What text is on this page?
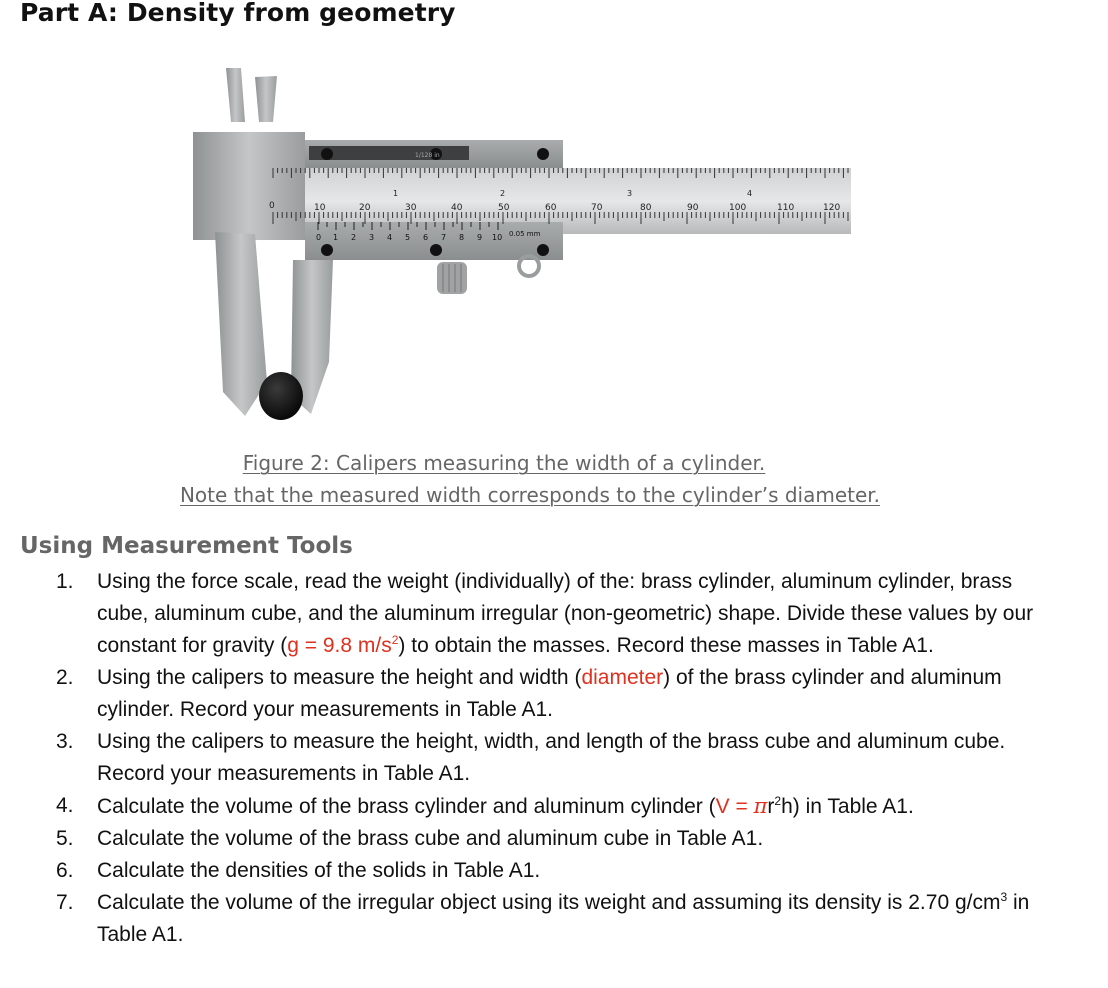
Part A: Density from geometry
0	10	20	30	40	50	60	70	80	90	100	110	120
1	2	3	4
1/128 in
0 1 2 3 4 5 6 7 8 9 10 0.05 mm
Figure 2: Calipers measuring the width of a cylinder.
Note that the measured width corresponds to the cylinder’s diameter.
Using Measurement Tools
1. Using the force scale, read the weight (individually) of the: brass cylinder, aluminum cylinder, brass cube, aluminum cube, and the aluminum irregular (non-geometric) shape. Divide these values by our constant for gravity (g = 9.8 $m/s^2$) to obtain the masses. Record these masses in Table A1.
2. Using the calipers to measure the height and width (diameter) of the brass cylinder and aluminum cylinder. Record your measurements in Table A1.
3. Using the calipers to measure the height, width, and length of the brass cube and aluminum cube. Record your measurements in Table A1.
4. Calculate the volume of the brass cylinder and aluminum cylinder $(V = \pi r^2h)$ in Table A1.
5. Calculate the volume of the brass cube and aluminum cube in Table A1.
6. Calculate the densities of the solids in Table A1.
7. Calculate the volume of the irregular object using its weight and assuming its density is 2.70 $g/cm^3$ in Table A1.
